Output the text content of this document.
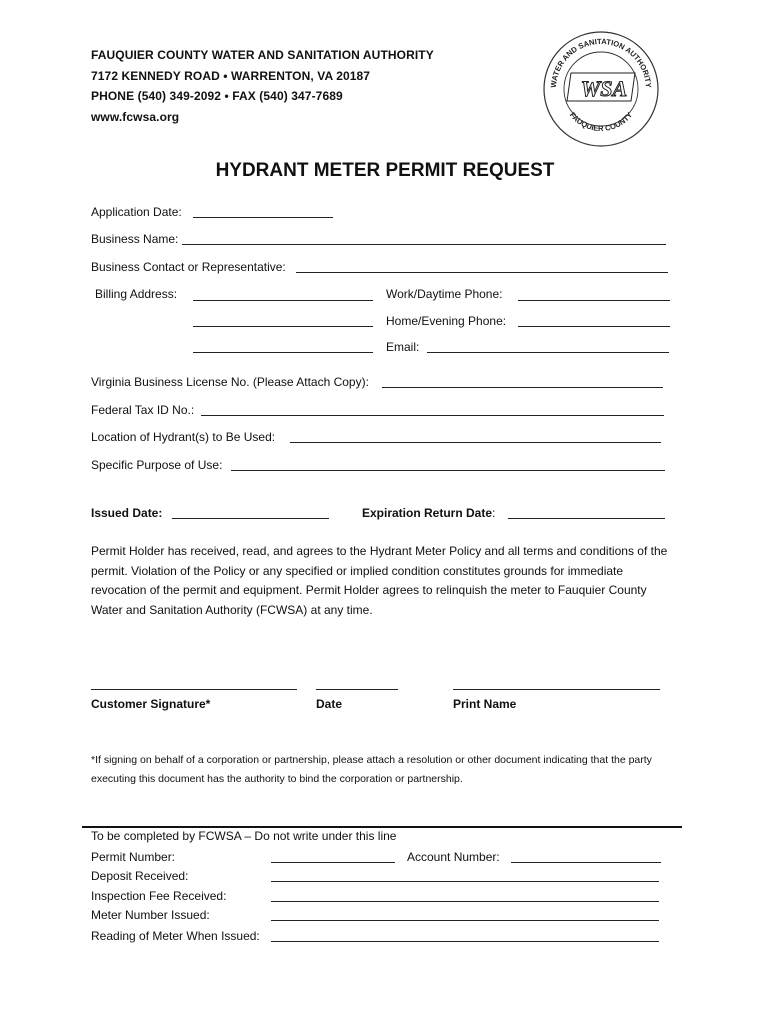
FAUQUIER COUNTY WATER AND SANITATION AUTHORITY
7172 KENNEDY ROAD • WARRENTON, VA 20187
PHONE (540) 349-2092 • FAX (540) 347-7689
www.fcwsa.org
WATER AND SANITATION AUTHORITY
FAUQUIER COUNTY
WSA
HYDRANT METER PERMIT REQUEST
Application Date:
Business Name:
Business Contact or Representative:
Billing Address:	Work/Daytime Phone:
Home/Evening Phone:
Email:
Virginia Business License No. (Please Attach Copy):
Federal Tax ID No.:
Location of Hydrant(s) to Be Used:
Specific Purpose of Use:
Issued Date:	Expiration Return Date:
Permit Holder has received, read, and agrees to the Hydrant Meter Policy and all terms and conditions of the permit. Violation of the Policy or any specified or implied condition constitutes grounds for immediate revocation of the permit and equipment. Permit Holder agrees to relinquish the meter to Fauquier County Water and Sanitation Authority (FCWSA) at any time.
Customer Signature*	Date	Print Name
*If signing on behalf of a corporation or partnership, please attach a resolution or other document indicating that the party executing this document has the authority to bind the corporation or partnership.
To be completed by FCWSA – Do not write under this line
Permit Number:	Account Number:
Deposit Received:
Inspection Fee Received:
Meter Number Issued:
Reading of Meter When Issued:
